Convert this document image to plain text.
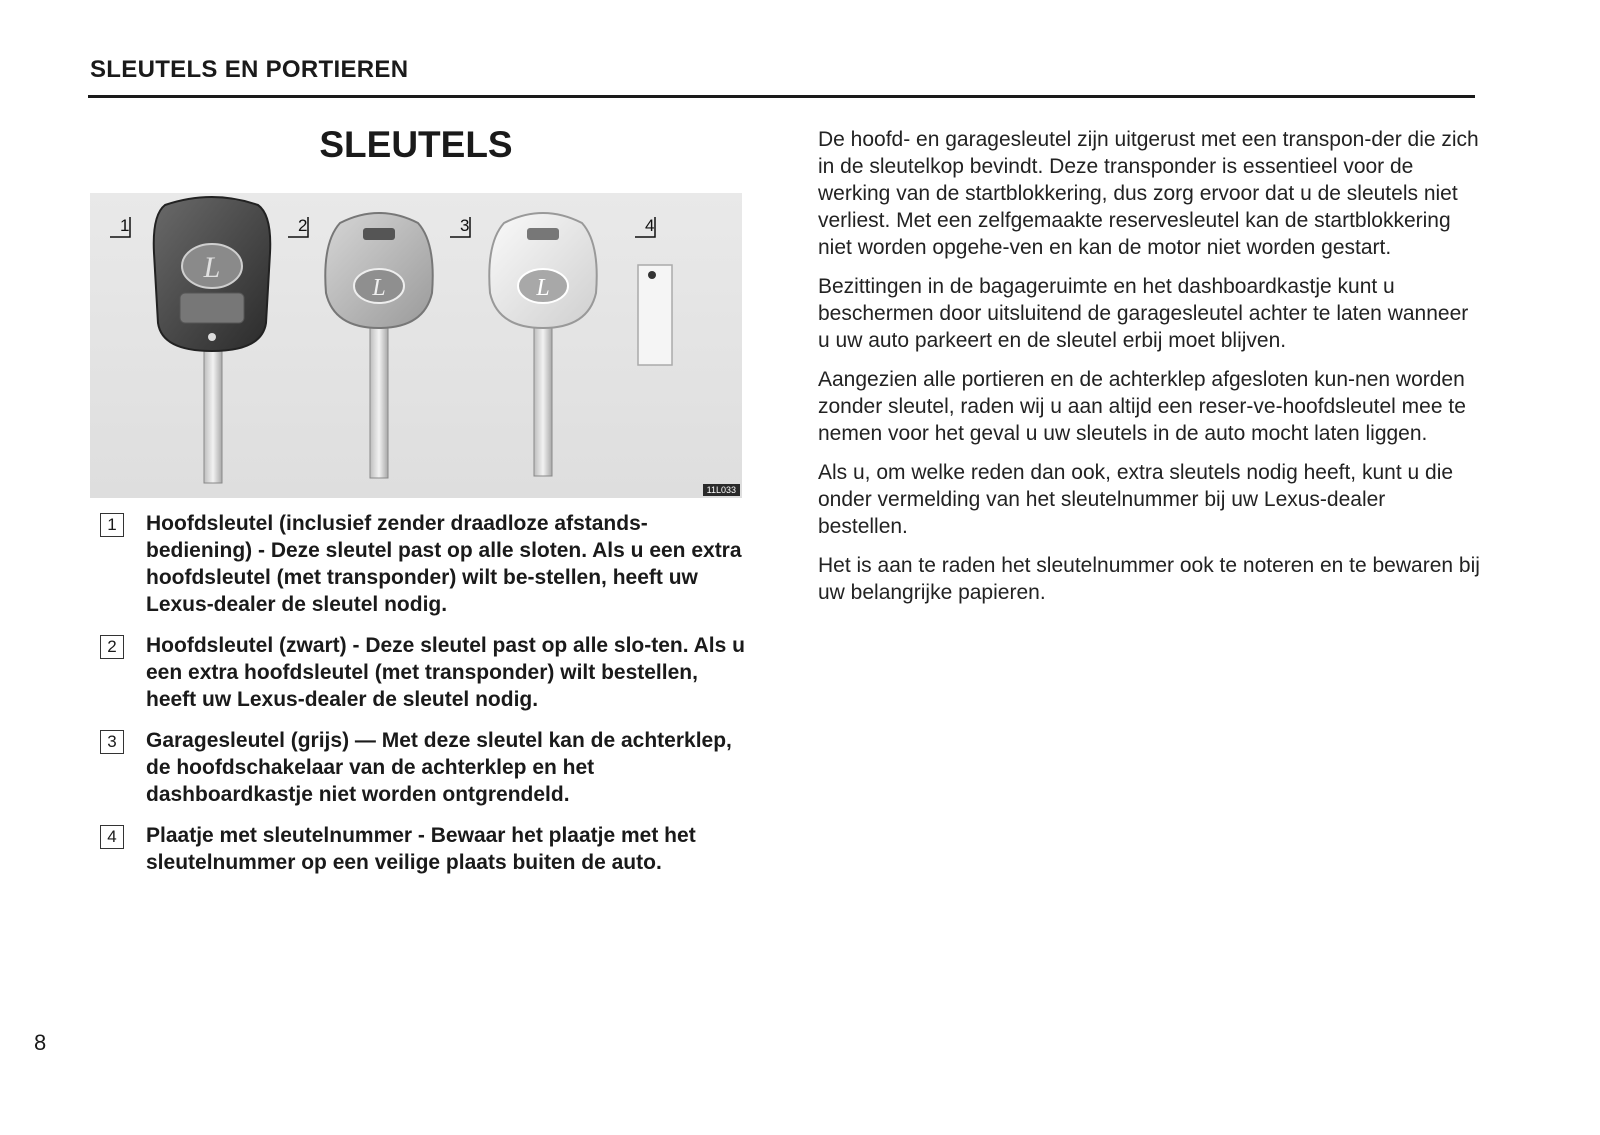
SLEUTELS EN PORTIEREN
SLEUTELS
L
L	L
1	2	3	4
11L033
1	Hoofdsleutel (inclusief zender draadloze afstands-bediening) - Deze sleutel past op alle sloten. Als u een extra hoofdsleutel (met transponder) wilt be-stellen, heeft uw Lexus-dealer de sleutel nodig.
2	Hoofdsleutel (zwart) - Deze sleutel past op alle slo-ten. Als u een extra hoofdsleutel (met transponder) wilt bestellen, heeft uw Lexus-dealer de sleutel nodig.
3	Garagesleutel (grijs) — Met deze sleutel kan de achterklep, de hoofdschakelaar van de achterklep en het dashboardkastje niet worden ontgrendeld.
4	Plaatje met sleutelnummer - Bewaar het plaatje met het sleutelnummer op een veilige plaats buiten de auto.

De hoofd- en garagesleutel zijn uitgerust met een transpon-der die zich in de sleutelkop bevindt. Deze transponder is essentieel voor de werking van de startblokkering, dus zorg ervoor dat u de sleutels niet verliest. Met een zelfgemaakte reservesleutel kan de startblokkering niet worden opgehe-ven en kan de motor niet worden gestart.

Bezittingen in de bagageruimte en het dashboardkastje kunt u beschermen door uitsluitend de garagesleutel achter te laten wanneer u uw auto parkeert en de sleutel erbij moet blijven.

Aangezien alle portieren en de achterklep afgesloten kun-nen worden zonder sleutel, raden wij u aan altijd een reser-ve-hoofdsleutel mee te nemen voor het geval u uw sleutels in de auto mocht laten liggen.

Als u, om welke reden dan ook, extra sleutels nodig heeft, kunt u die onder vermelding van het sleutelnummer bij uw Lexus-dealer bestellen.

Het is aan te raden het sleutelnummer ook te noteren en te bewaren bij uw belangrijke papieren.

8
